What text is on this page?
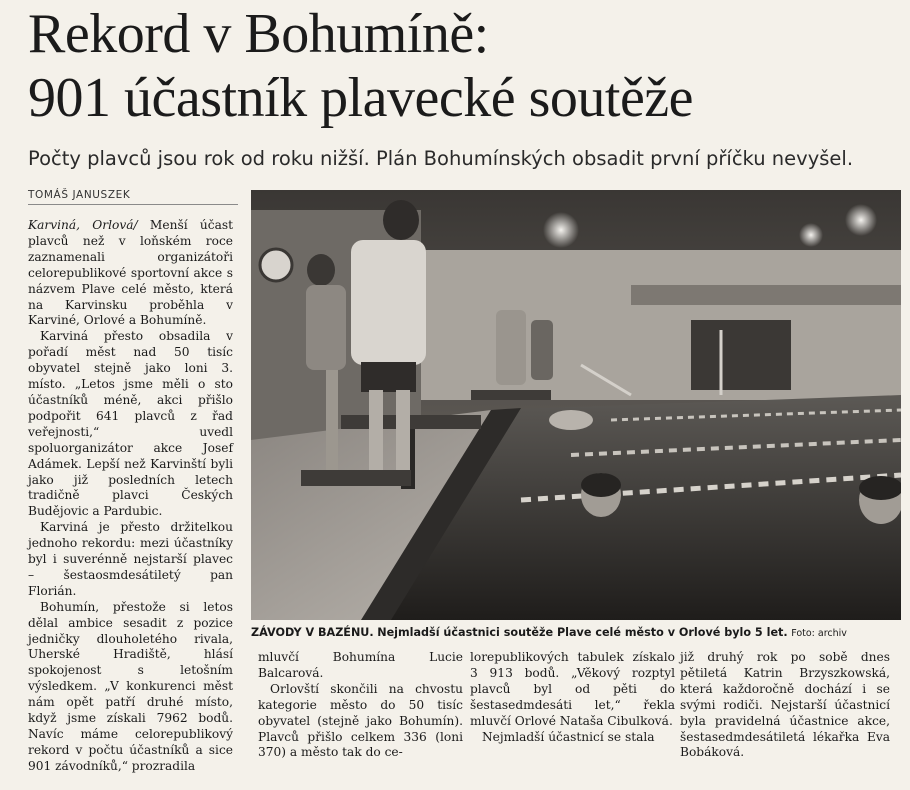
Rekord v Bohumíně:
901 účastník plavecké soutěže

Počty plavců jsou rok od roku nižší. Plán Bohumínských obsadit první příčku nevyšel.

TOMÁŠ JANUSZEK

Karviná, Orlová/ Menší účast plavců než v loňském roce zaznamenali organizátoři celorepublikové sportovní akce s názvem Plave celé město, která na Karvinsku proběhla v Karviné, Orlové a Bohumíně.

Karviná přesto obsadila v pořadí měst nad 50 tisíc obyvatel stejně jako loni 3. místo. „Letos jsme měli o sto účastníků méně, akci přišlo podpořit 641 plavců z řad veřejnosti,“ uvedl spoluorganizátor akce Josef Adámek. Lepší než Karvinští byli jako již posledních letech tradičně plavci Českých Budějovic a Pardubic.

Karviná je přesto držitelkou jednoho rekordu: mezi účastníky byl i suverénně nejstarší plavec – šestaosmdesátiletý pan Florián.

Bohumín, přestože si letos dělal ambice sesadit z pozice jedničky dlouholetého rivala, Uherské Hradiště, hlásí spokojenost s letošním výsledkem. „V konkurenci měst nám opět patří druhé místo, když jsme získali 7962 bodů. Navíc máme celorepublikový rekord v počtu účastníků a sice 901 závodníků,“ prozradila

ZÁVODY V BAZÉNU. Nejmladší účastnici soutěže Plave celé město v Orlové bylo 5 let. Foto: archiv

mluvčí Bohumína Lucie Balcarová.

Orlovští skončili na chvostu kategorie město do 50 tisíc obyvatel (stejně jako Bohumín). Plavců přišlo celkem 336 (loni 370) a město tak do ce-

lorepublikových tabulek získalo 3 913 bodů. „Věkový rozptyl plavců byl od pěti do šestasedmdesáti let,“ řekla mluvčí Orlové Nataša Cibulková.

Nejmladší účastnicí se stala

již druhý rok po sobě dnes pětiletá Katrin Brzyszkowská, která každoročně dochází i se svými rodiči. Nejstarší účastnicí byla pravidelná účastnice akce, šestasedmdesátiletá lékařka Eva Bobáková.
